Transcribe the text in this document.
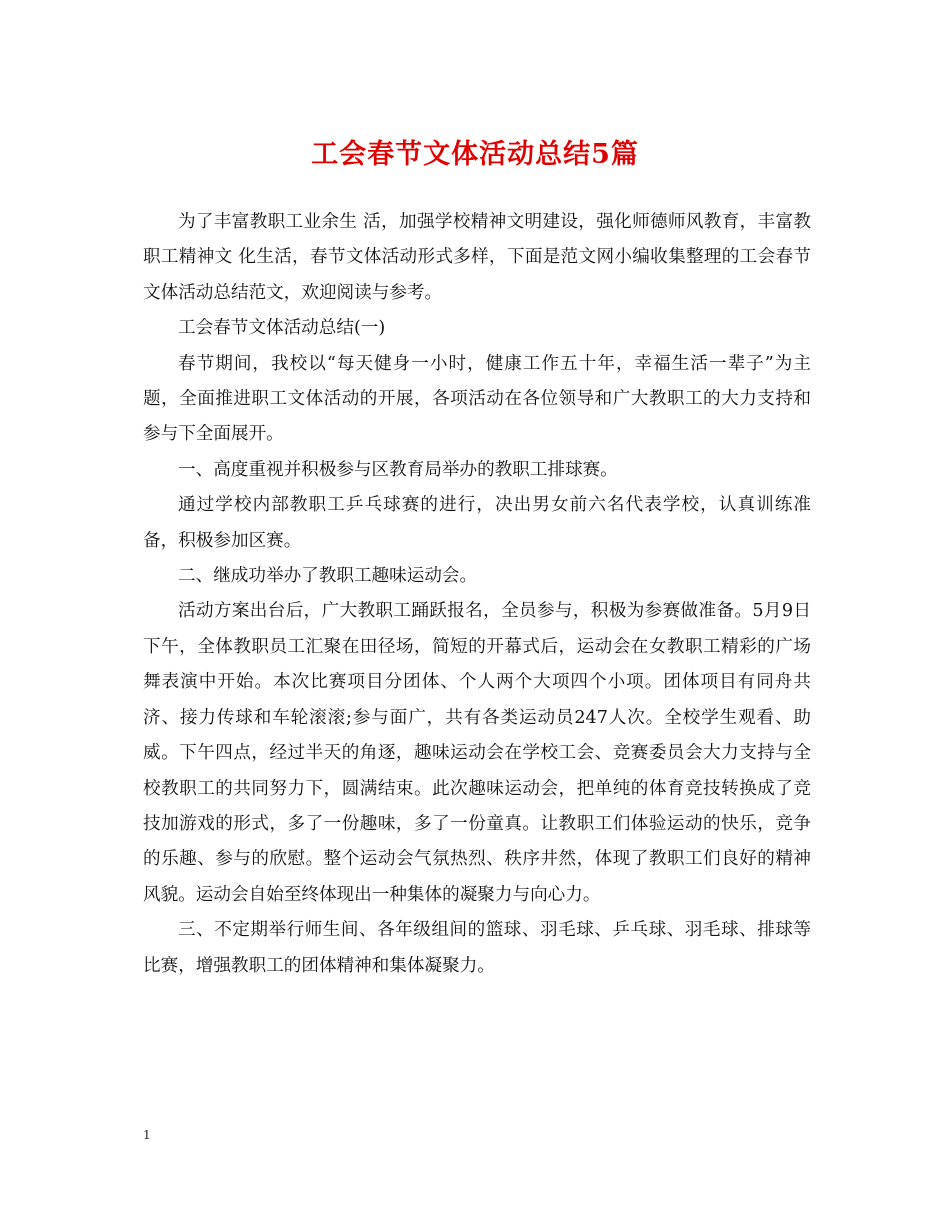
工会春节文体活动总结5篇

为了丰富教职工业余生 活，加强学校精神文明建设，强化师德师风教育，丰富教职工精神文 化生活，春节文体活动形式多样，下面是范文网小编收集整理的工会春节文体活动总结范文，欢迎阅读与参考。

工会春节文体活动总结(一)

春节期间，我校以“每天健身一小时，健康工作五十年，幸福生活一辈子”为主题，全面推进职工文体活动的开展，各项活动在各位领导和广大教职工的大力支持和参与下全面展开。

一、高度重视并积极参与区教育局举办的教职工排球赛。

通过学校内部教职工乒乓球赛的进行，决出男女前六名代表学校，认真训练准备，积极参加区赛。

二、继成功举办了教职工趣味运动会。

活动方案出台后，广大教职工踊跃报名，全员参与，积极为参赛做准备。5月9日下午，全体教职员工汇聚在田径场，简短的开幕式后，运动会在女教职工精彩的广场舞表演中开始。本次比赛项目分团体、个人两个大项四个小项。团体项目有同舟共济、接力传球和车轮滚滚;参与面广，共有各类运动员247人次。全校学生观看、助威。下午四点，经过半天的角逐，趣味运动会在学校工会、竞赛委员会大力支持与全校教职工的共同努力下，圆满结束。此次趣味运动会，把单纯的体育竞技转换成了竞技加游戏的形式，多了一份趣味，多了一份童真。让教职工们体验运动的快乐，竞争的乐趣、参与的欣慰。整个运动会气氛热烈、秩序井然，体现了教职工们良好的精神风貌。运动会自始至终体现出一种集体的凝聚力与向心力。

三、不定期举行师生间、各年级组间的篮球、羽毛球、乒乓球、羽毛球、排球等比赛，增强教职工的团体精神和集体凝聚力。

1
